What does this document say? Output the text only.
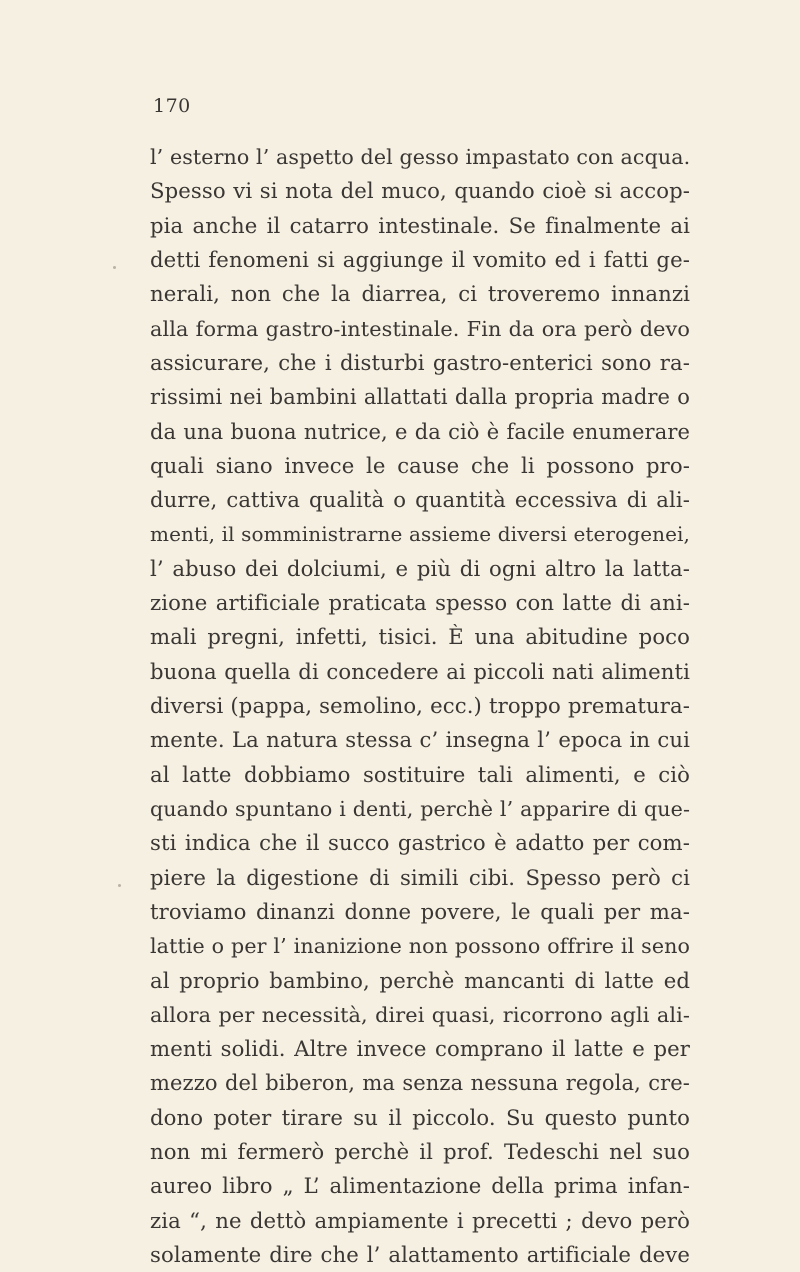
170
l’ esterno l’ aspetto del gesso impastato con acqua.
Spesso vi si nota del muco, quando cioè si accop-
pia anche il catarro intestinale. Se finalmente ai
detti fenomeni si aggiunge il vomito ed i fatti ge-
nerali, non che la diarrea, ci troveremo innanzi
alla forma gastro-intestinale. Fin da ora però devo
assicurare, che i disturbi gastro-enterici sono ra-
rissimi nei bambini allattati dalla propria madre o
da una buona nutrice, e da ciò è facile enumerare
quali siano invece le cause che li possono pro-
durre, cattiva qualità o quantità eccessiva di ali-
menti, il somministrarne assieme diversi eterogenei,
l’ abuso dei dolciumi, e più di ogni altro la latta-
zione artificiale praticata spesso con latte di ani-
mali pregni, infetti, tisici. È una abitudine poco
buona quella di concedere ai piccoli nati alimenti
diversi (pappa, semolino, ecc.) troppo prematura-
mente. La natura stessa c’ insegna l’ epoca in cui
al latte dobbiamo sostituire tali alimenti, e ciò
quando spuntano i denti, perchè l’ apparire di que-
sti indica che il succo gastrico è adatto per com-
piere la digestione di simili cibi. Spesso però ci
troviamo dinanzi donne povere, le quali per ma-
lattie o per l’ inanizione non possono offrire il seno
al proprio bambino, perchè mancanti di latte ed
allora per necessità, direi quasi, ricorrono agli ali-
menti solidi. Altre invece comprano il latte e per
mezzo del biberon, ma senza nessuna regola, cre-
dono poter tirare su il piccolo. Su questo punto
non mi fermerò perchè il prof. Tedeschi nel suo
aureo libro „ L’ alimentazione della prima infan-
zia “, ne dettò ampiamente i precetti ; devo però
solamente dire che l’ alattamento artificiale deve
